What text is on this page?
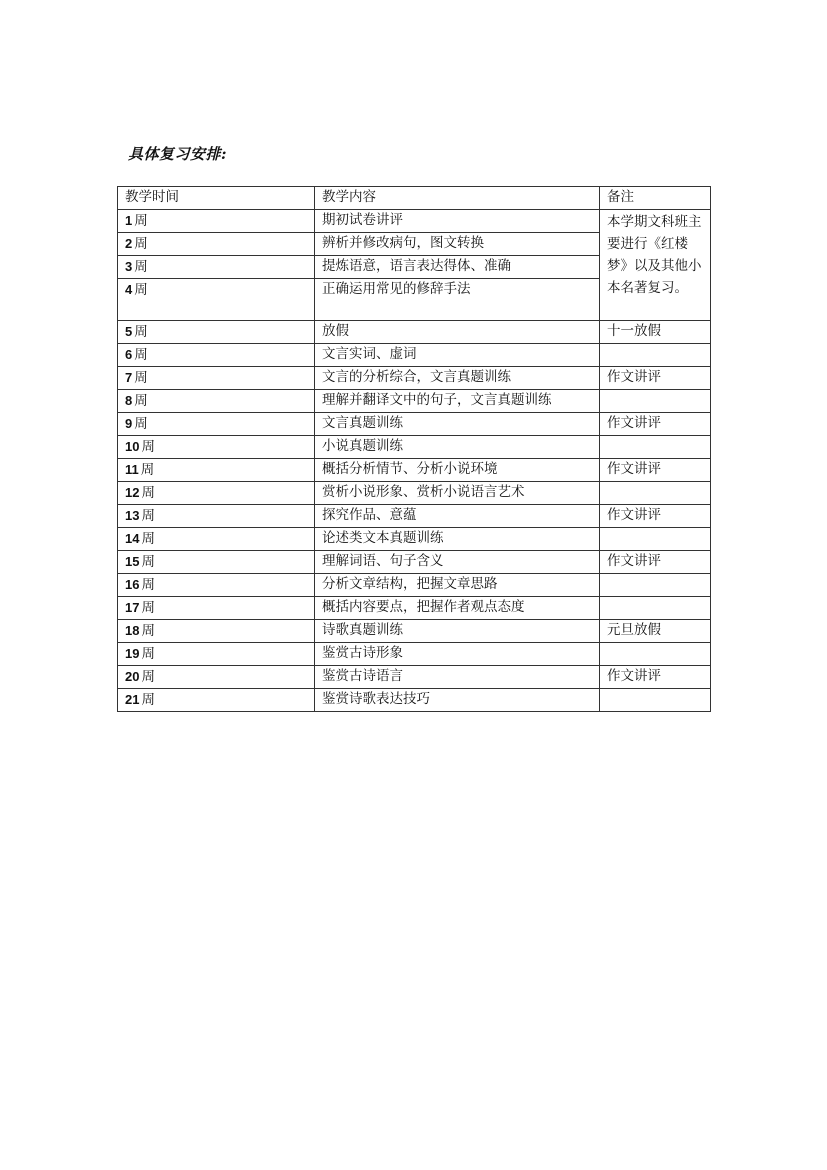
具体复习安排:
教学时间	教学内容	备注
1 周	期初试卷讲评	本学期文科班主要进行《红楼梦》以及其他小本名著复习。
2 周	辨析并修改病句，图文转换	
3 周	提炼语意，语言表达得体、准确	
4 周	正确运用常见的修辞手法	
5 周	放假	十一放假
6 周	文言实词、虚词	
7 周	文言的分析综合，文言真题训练	作文讲评
8 周	理解并翻译文中的句子，文言真题训练	
9 周	文言真题训练	作文讲评
10 周	小说真题训练	
11 周	概括分析情节、分析小说环境	作文讲评
12 周	赏析小说形象、赏析小说语言艺术	
13 周	探究作品、意蕴	作文讲评
14 周	论述类文本真题训练	
15 周	理解词语、句子含义	作文讲评
16 周	分析文章结构，把握文章思路	
17 周	概括内容要点，把握作者观点态度	
18 周	诗歌真题训练	元旦放假
19 周	鉴赏古诗形象	
20 周	鉴赏古诗语言	作文讲评
21 周	鉴赏诗歌表达技巧	
